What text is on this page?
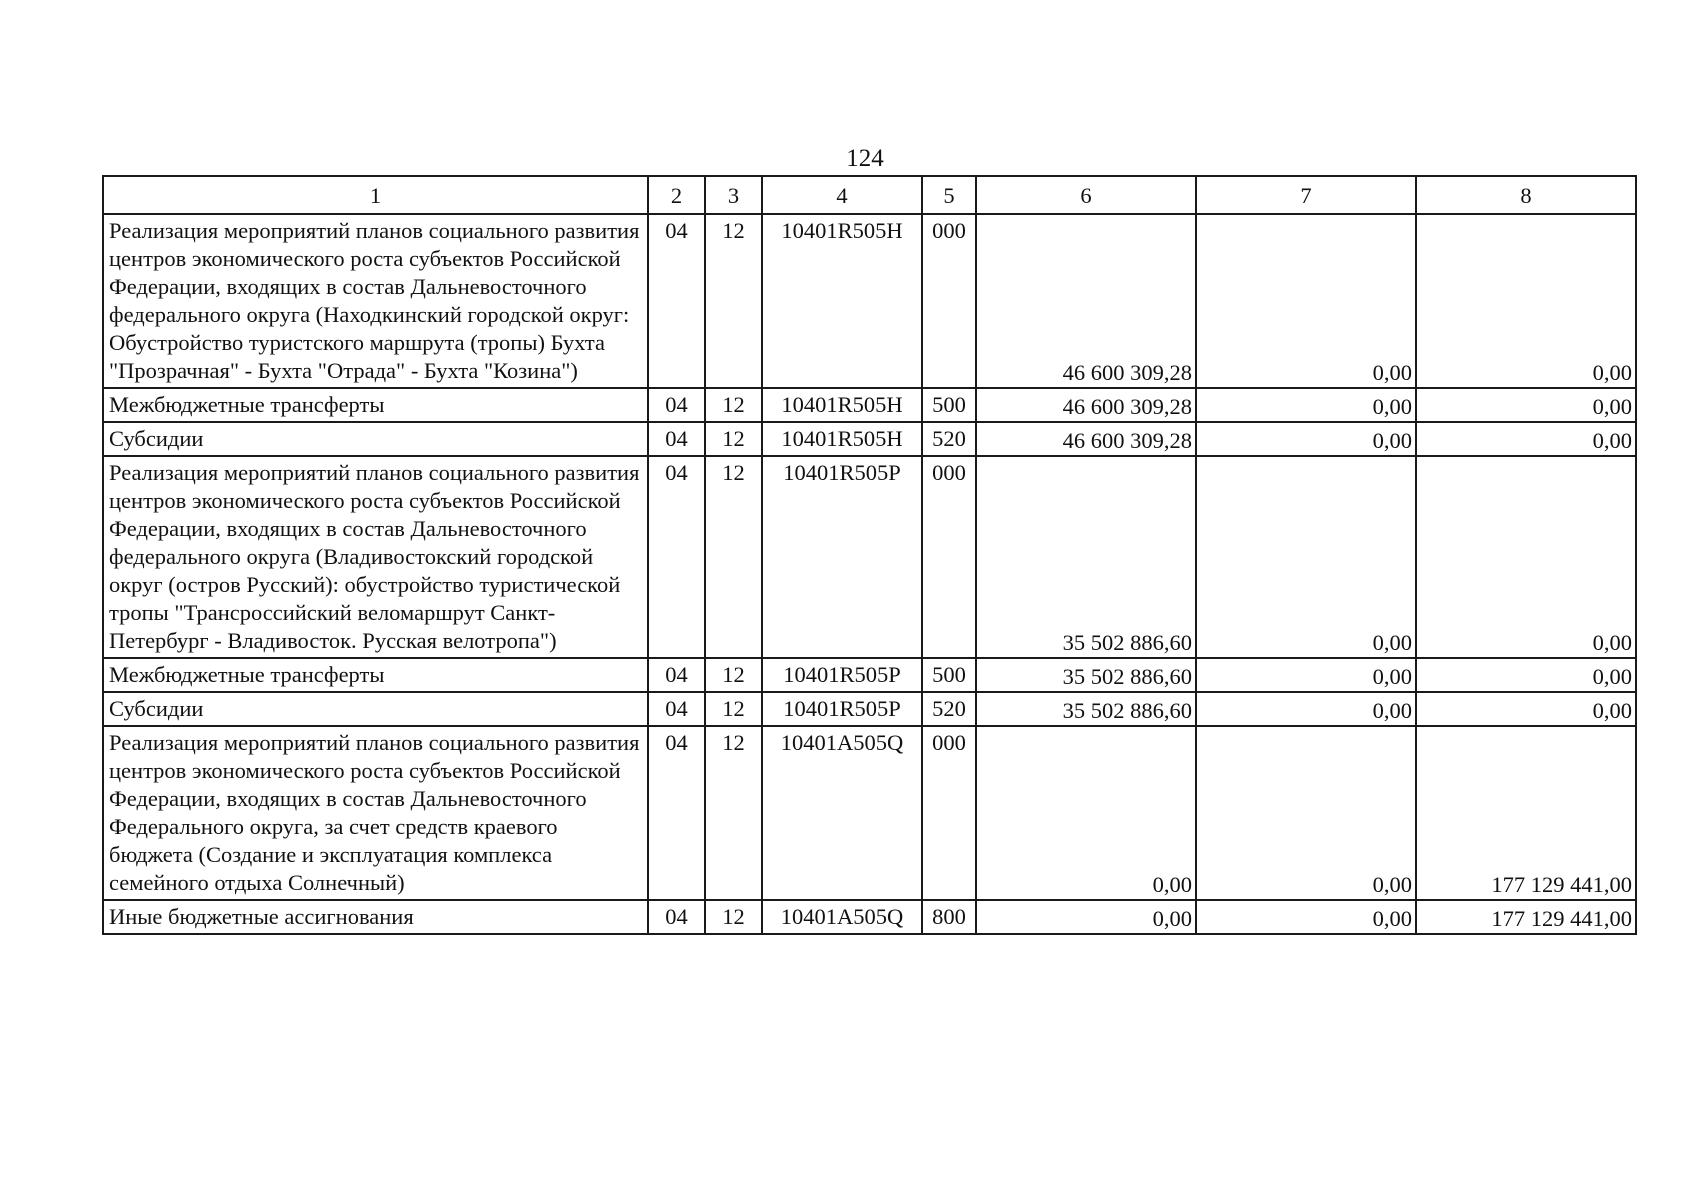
124
1	2	3	4	5	6	7	8
Реализация мероприятий планов социального развития центров экономического роста субъектов Российской Федерации, входящих в состав Дальневосточного федерального округа (Находкинский городской округ: Обустройство туристского маршрута (тропы) Бухта "Прозрачная" - Бухта "Отрада" - Бухта "Козина")	04	12	10401R505H	000	46 600 309,28	0,00	0,00
Межбюджетные трансферты	04	12	10401R505H	500	46 600 309,28	0,00	0,00
Субсидии	04	12	10401R505H	520	46 600 309,28	0,00	0,00
Реализация мероприятий планов социального развития центров экономического роста субъектов Российской Федерации, входящих в состав Дальневосточного федерального округа (Владивостокский городской округ (остров Русский): обустройство туристической тропы "Трансроссийский веломаршрут Санкт-Петербург - Владивосток. Русская велотропа")	04	12	10401R505P	000	35 502 886,60	0,00	0,00
Межбюджетные трансферты	04	12	10401R505P	500	35 502 886,60	0,00	0,00
Субсидии	04	12	10401R505P	520	35 502 886,60	0,00	0,00
Реализация мероприятий планов социального развития центров экономического роста субъектов Российской Федерации, входящих в состав Дальневосточного Федерального округа, за счет средств краевого бюджета (Создание и эксплуатация комплекса семейного отдыха Солнечный)	04	12	10401A505Q	000	0,00	0,00	177 129 441,00
Иные бюджетные ассигнования	04	12	10401A505Q	800	0,00	0,00	177 129 441,00
